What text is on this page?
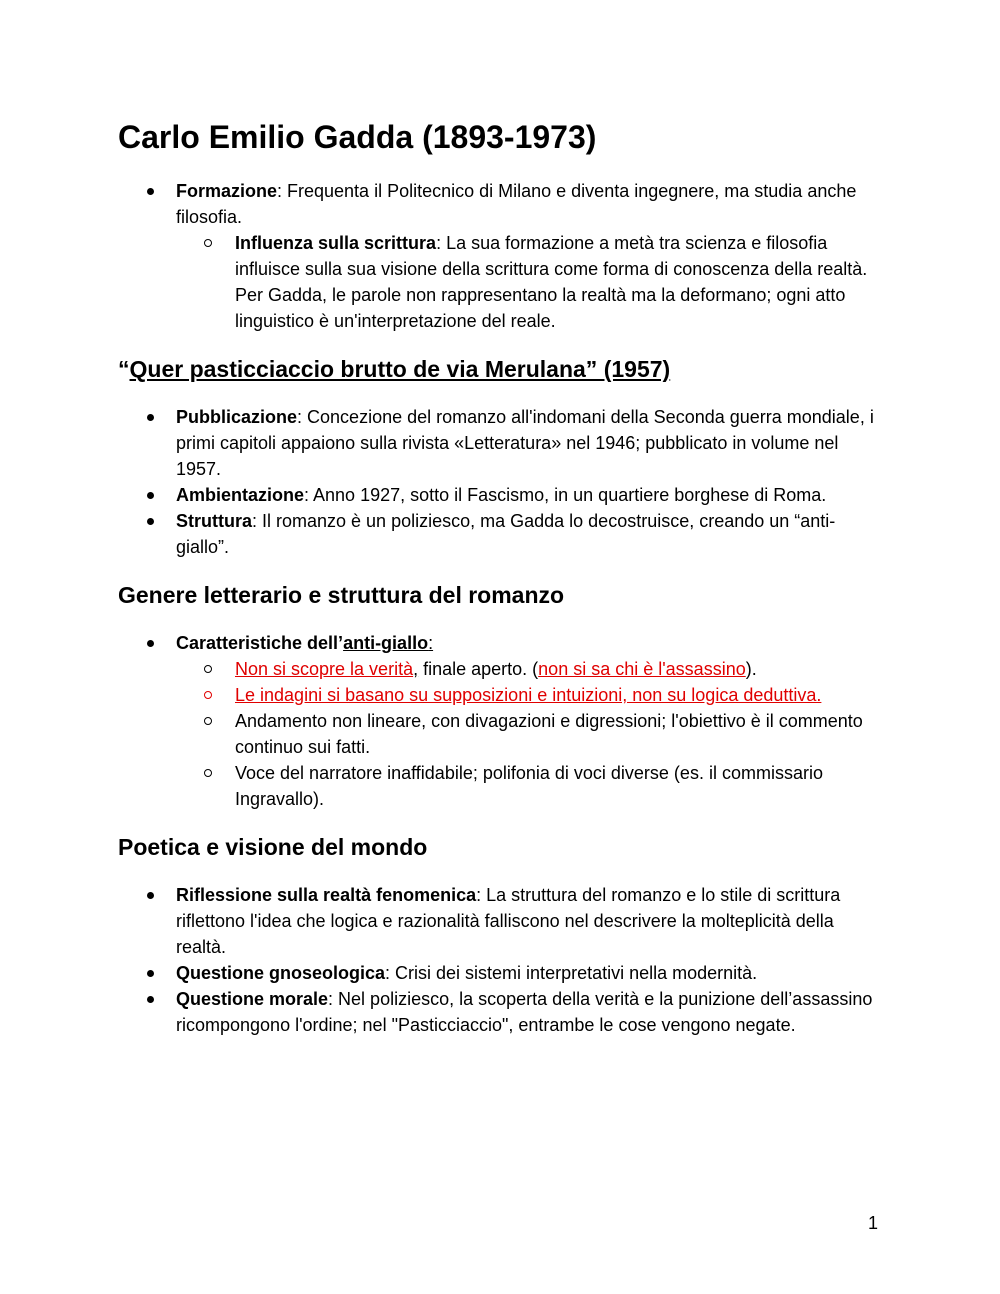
Carlo Emilio Gadda (1893-1973)
Formazione: Frequenta il Politecnico di Milano e diventa ingegnere, ma studia anche filosofia.
Influenza sulla scrittura: La sua formazione a metà tra scienza e filosofia influisce sulla sua visione della scrittura come forma di conoscenza della realtà. Per Gadda, le parole non rappresentano la realtà ma la deformano; ogni atto linguistico è un'interpretazione del reale.
“Quer pasticciaccio brutto de via Merulana” (1957)
Pubblicazione: Concezione del romanzo all'indomani della Seconda guerra mondiale, i primi capitoli appaiono sulla rivista «Letteratura» nel 1946; pubblicato in volume nel 1957.
Ambientazione: Anno 1927, sotto il Fascismo, in un quartiere borghese di Roma.
Struttura: Il romanzo è un poliziesco, ma Gadda lo decostruisce, creando un “anti-giallo”.
Genere letterario e struttura del romanzo
Caratteristiche dell’anti-giallo:
Non si scopre la verità, finale aperto. (non si sa chi è l'assassino).
Le indagini si basano su supposizioni e intuizioni, non su logica deduttiva.
Andamento non lineare, con divagazioni e digressioni; l'obiettivo è il commento continuo sui fatti.
Voce del narratore inaffidabile; polifonia di voci diverse (es. il commissario Ingravallo).
Poetica e visione del mondo
Riflessione sulla realtà fenomenica: La struttura del romanzo e lo stile di scrittura riflettono l'idea che logica e razionalità falliscono nel descrivere la molteplicità della realtà.
Questione gnoseologica: Crisi dei sistemi interpretativi nella modernità.
Questione morale: Nel poliziesco, la scoperta della verità e la punizione dell’assassino ricompongono l'ordine; nel "Pasticciaccio", entrambe le cose vengono negate.
1
